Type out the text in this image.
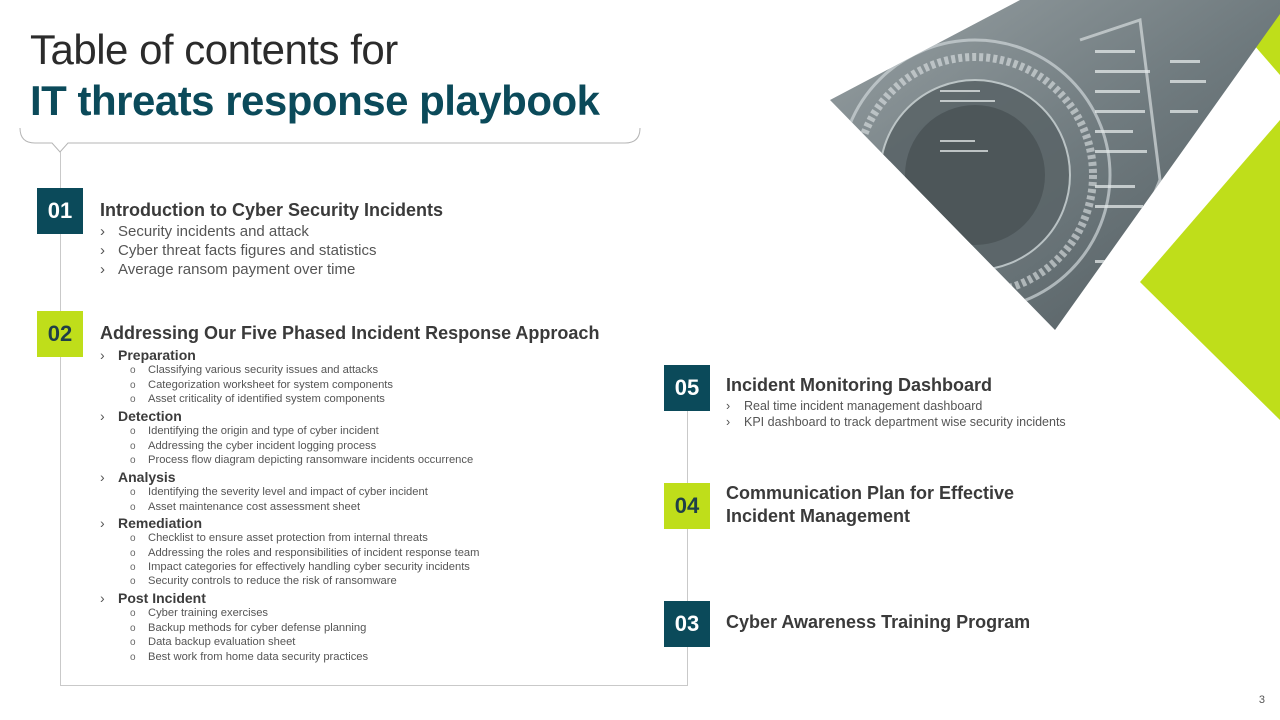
Table of contents for
IT threats response playbook
01	Introduction to Cyber Security Incidents
› Security incidents and attack
› Cyber threat facts figures and statistics
› Average ransom payment over time
02	Addressing Our Five Phased Incident Response Approach
› Preparation
o Classifying various security issues and attacks
o Categorization worksheet for system components
o Asset criticality of identified system components
› Detection
o Identifying the origin and type of cyber incident
o Addressing the cyber incident logging process
o Process flow diagram depicting ransomware incidents occurrence
› Analysis
o Identifying the severity level and impact of cyber incident
o Asset maintenance cost assessment sheet
› Remediation
o Checklist to ensure asset protection from internal threats
o Addressing the roles and responsibilities of incident response team
o Impact categories for effectively handling cyber security incidents
o Security controls to reduce the risk of ransomware
› Post Incident
o Cyber training exercises
o Backup methods for cyber defense planning
o Data backup evaluation sheet
o Best work from home data security practices
05	Incident Monitoring Dashboard
› Real time incident management dashboard
› KPI dashboard to track department wise security incidents
04	Communication Plan for Effective
Incident Management
03	Cyber Awareness Training Program
3
